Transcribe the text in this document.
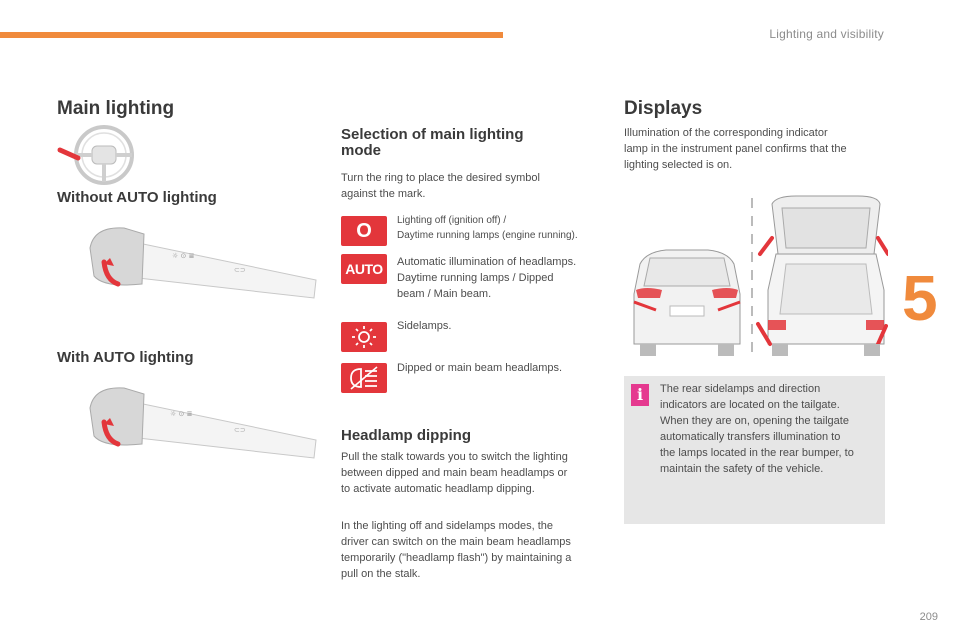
Lighting and visibility
5
Main lighting
Without AUTO lighting
☼ ⊙ ≣
⊂⊃
With AUTO lighting
☼ ⊙ ≣
⊂⊃
Selection of main lighting
mode
Turn the ring to place the desired symbol
against the mark.
O	Lighting off (ignition off) /
Daytime running lamps (engine running).
AUTO Automatic illumination of headlamps.
Daytime running lamps / Dipped
beam / Main beam.
Sidelamps.
Dipped or main beam headlamps.
Headlamp dipping
Pull the stalk towards you to switch the lighting
between dipped and main beam headlamps or
to activate automatic headlamp dipping.
In the lighting off and sidelamps modes, the
driver can switch on the main beam headlamps
temporarily ("headlamp flash") by maintaining a
pull on the stalk.
Displays
Illumination of the corresponding indicator
lamp in the instrument panel confirms that the
lighting selected is on.
i	The rear sidelamps and direction
indicators are located on the tailgate.
When they are on, opening the tailgate
automatically transfers illumination to
the lamps located in the rear bumper, to
maintain the safety of the vehicle.
209
